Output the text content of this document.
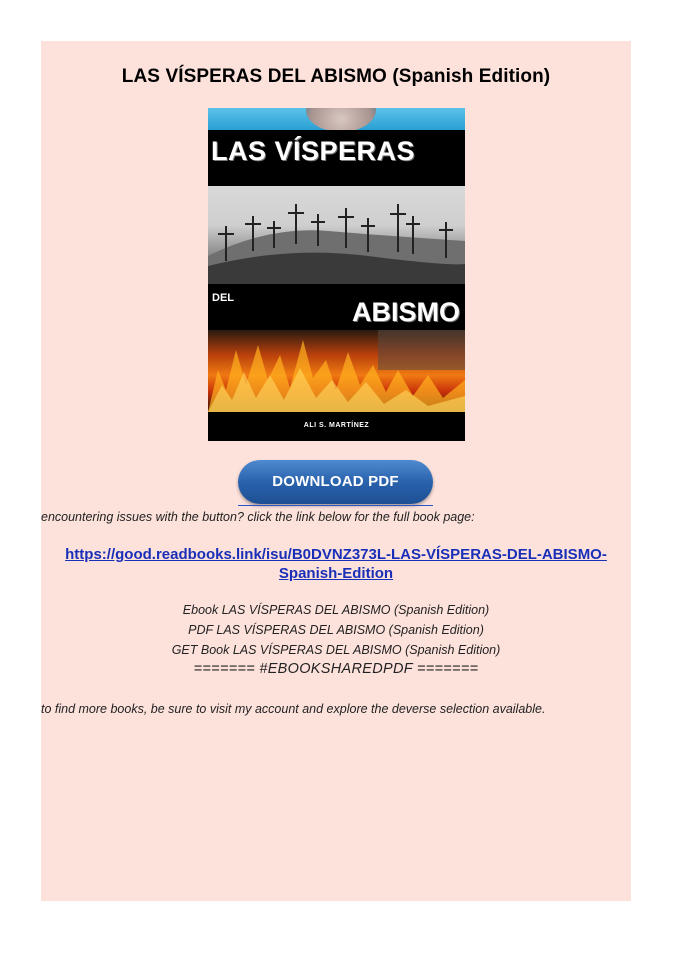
LAS VÍSPERAS DEL ABISMO (Spanish Edition)
LAS VÍSPERAS
DEL	ABISMO
ALI S. MARTÍNEZ
DOWNLOAD PDF
encountering issues with the button? click the link below for the full book page:
https://good.readbooks.link/isu/B0DVNZ373L-LAS-VÍSPERAS-DEL-ABISMO-
Spanish-Edition
Ebook LAS VÍSPERAS DEL ABISMO (Spanish Edition)
PDF LAS VÍSPERAS DEL ABISMO (Spanish Edition)
GET Book LAS VÍSPERAS DEL ABISMO (Spanish Edition)
======= #EBOOKSHAREDPDF =======
to find more books, be sure to visit my account and explore the deverse selection available.
